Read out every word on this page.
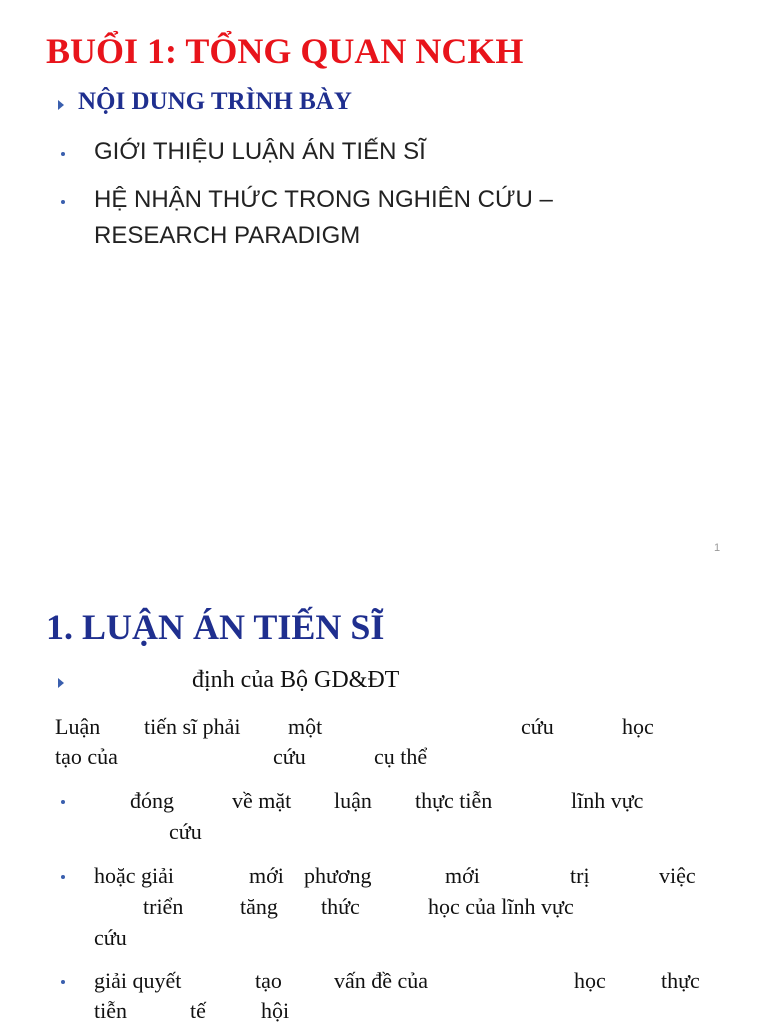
BUỔI 1: TỔNG QUAN NCKH
NỘI DUNG TRÌNH BÀY
GIỚI THIỆU LUẬN ÁN TIẾN SĨ
HỆ NHẬN THỨC TRONG NGHIÊN CỨU –
RESEARCH PARADIGM
1
1. LUẬN ÁN TIẾN SĨ
định của Bộ GD&ĐT
Luận tiến sĩ phải một	cứu	học
tạo của	cứu	cụ thể
đóng	về mặt luận thực tiễn	lĩnh vực
cứu
hoặc giải	mới phương	mới	trị	việc
triển	tăng thức	học của lĩnh vực
cứu
giải quyết	tạo vấn đề của	học	thực
tiễn	tế	hội
